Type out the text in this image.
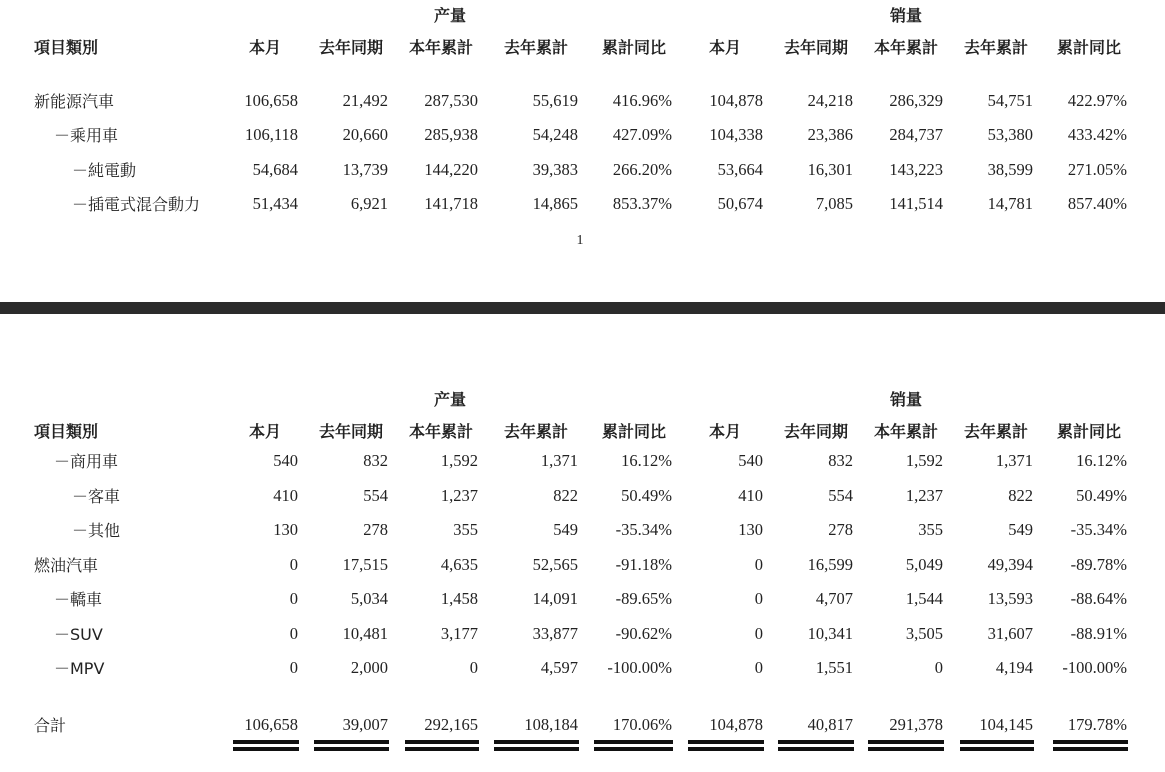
产量	销量
項目類別	本月	去年同期	本年累計	去年累計	累計同比	本月	去年同期	本年累計	去年累計	累計同比
新能源汽車	106,658	21,492	287,530	55,619	416.96%	104,878	24,218	286,329	54,751	422.97%
－乘用車	106,118	20,660	285,938	54,248	427.09%	104,338	23,386	284,737	53,380	433.42%
－純電動	54,684	13,739	144,220	39,383	266.20%	53,664	16,301	143,223	38,599	271.05%
－插電式混合動力	51,434	6,921	141,718	14,865	853.37%	50,674	7,085	141,514	14,781	857.40%
1
产量	销量
項目類別	本月	去年同期	本年累計	去年累計	累計同比	本月	去年同期	本年累計	去年累計	累計同比
－商用車	540	832	1,592	1,371	16.12%	540	832	1,592	1,371	16.12%
－客車	410	554	1,237	822	50.49%	410	554	1,237	822	50.49%
－其他	130	278	355	549	-35.34%	130	278	355	549	-35.34%
燃油汽車	0	17,515	4,635	52,565	-91.18%	0	16,599	5,049	49,394	-89.78%
－轎車	0	5,034	1,458	14,091	-89.65%	0	4,707	1,544	13,593	-88.64%
－SUV	0	10,481	3,177	33,877	-90.62%	0	10,341	3,505	31,607	-88.91%
－MPV	0	2,000	0	4,597	-100.00%	0	1,551	0	4,194	-100.00%
合計	106,658	39,007	292,165	108,184	170.06%	104,878	40,817	291,378	104,145	179.78%
